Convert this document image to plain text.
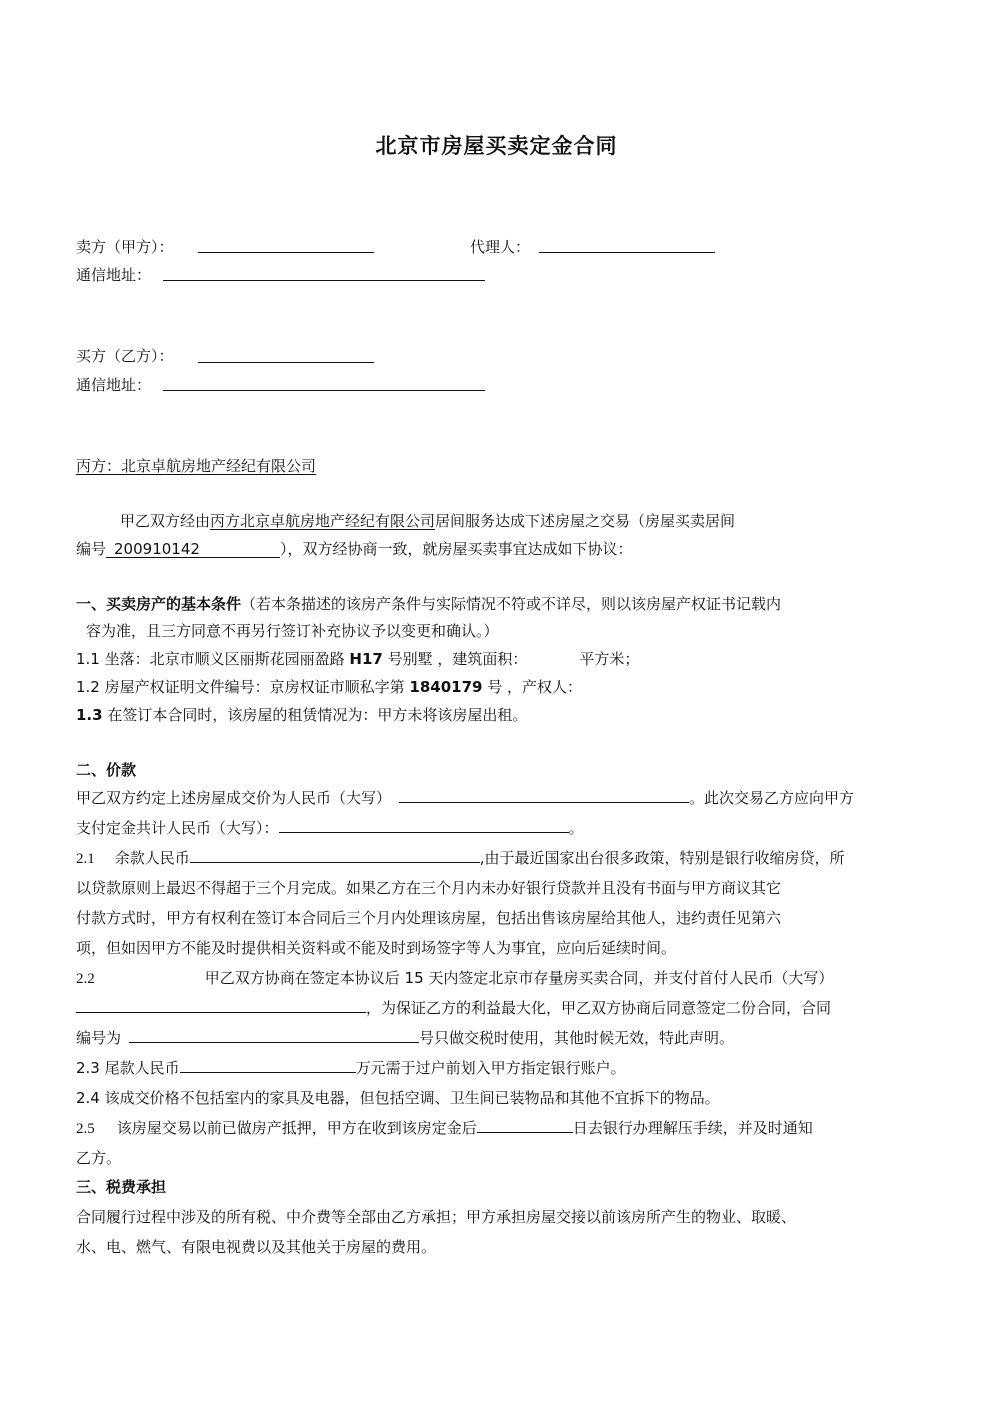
北京市房屋买卖定金合同
卖方（甲方）：	代理人：
通信地址：
买方（乙方）：
通信地址：
丙方：北京卓航房地产经纪有限公司
甲乙双方经由丙方北京卓航房地产经纪有限公司居间服务达成下述房屋之交易（房屋买卖居间
编号 200910142	），双方经协商一致，就房屋买卖事宜达成如下协议：
一、买卖房产的基本条件（若本条描述的该房产条件与实际情况不符或不详尽，则以该房屋产权证书记载内
容为准，且三方同意不再另行签订补充协议予以变更和确认。）
1.1 坐落：北京市顺义区丽斯花园丽盈路 H17 号别墅 ，建筑面积：	平方米；
1.2 房屋产权证明文件编号：京房权证市顺私字第 1840179 号 ，产权人：
1.3 在签订本合同时，该房屋的租赁情况为：甲方未将该房屋出租。
二、价款
甲乙双方约定上述房屋成交价为人民币（大写）	。此次交易乙方应向甲方
支付定金共计人民币（大写）：	。
2.1 余款人民币	,由于最近国家出台很多政策，特别是银行收缩房贷，所
以贷款原则上最迟不得超于三个月完成。如果乙方在三个月内未办好银行贷款并且没有书面与甲方商议其它
付款方式时，甲方有权利在签订本合同后三个月内处理该房屋，包括出售该房屋给其他人，违约责任见第六
项，但如因甲方不能及时提供相关资料或不能及时到场签字等人为事宜，应向后延续时间。
2.2	甲乙双方协商在签定本协议后 15 天内签定北京市存量房买卖合同，并支付首付人民币（大写）
，为保证乙方的利益最大化，甲乙双方协商后同意签定二份合同，合同
编号为	号只做交税时使用，其他时候无效，特此声明。
2.3 尾款人民币	万元需于过户前划入甲方指定银行账户。
2.4 该成交价格不包括室内的家具及电器，但包括空调、卫生间已装物品和其他不宜拆下的物品。
2.5 该房屋交易以前已做房产抵押，甲方在收到该房定金后	日去银行办理解压手续，并及时通知
乙方。
三、税费承担
合同履行过程中涉及的所有税、中介费等全部由乙方承担；甲方承担房屋交接以前该房所产生的物业、取暖、
水、电、燃气、有限电视费以及其他关于房屋的费用。
